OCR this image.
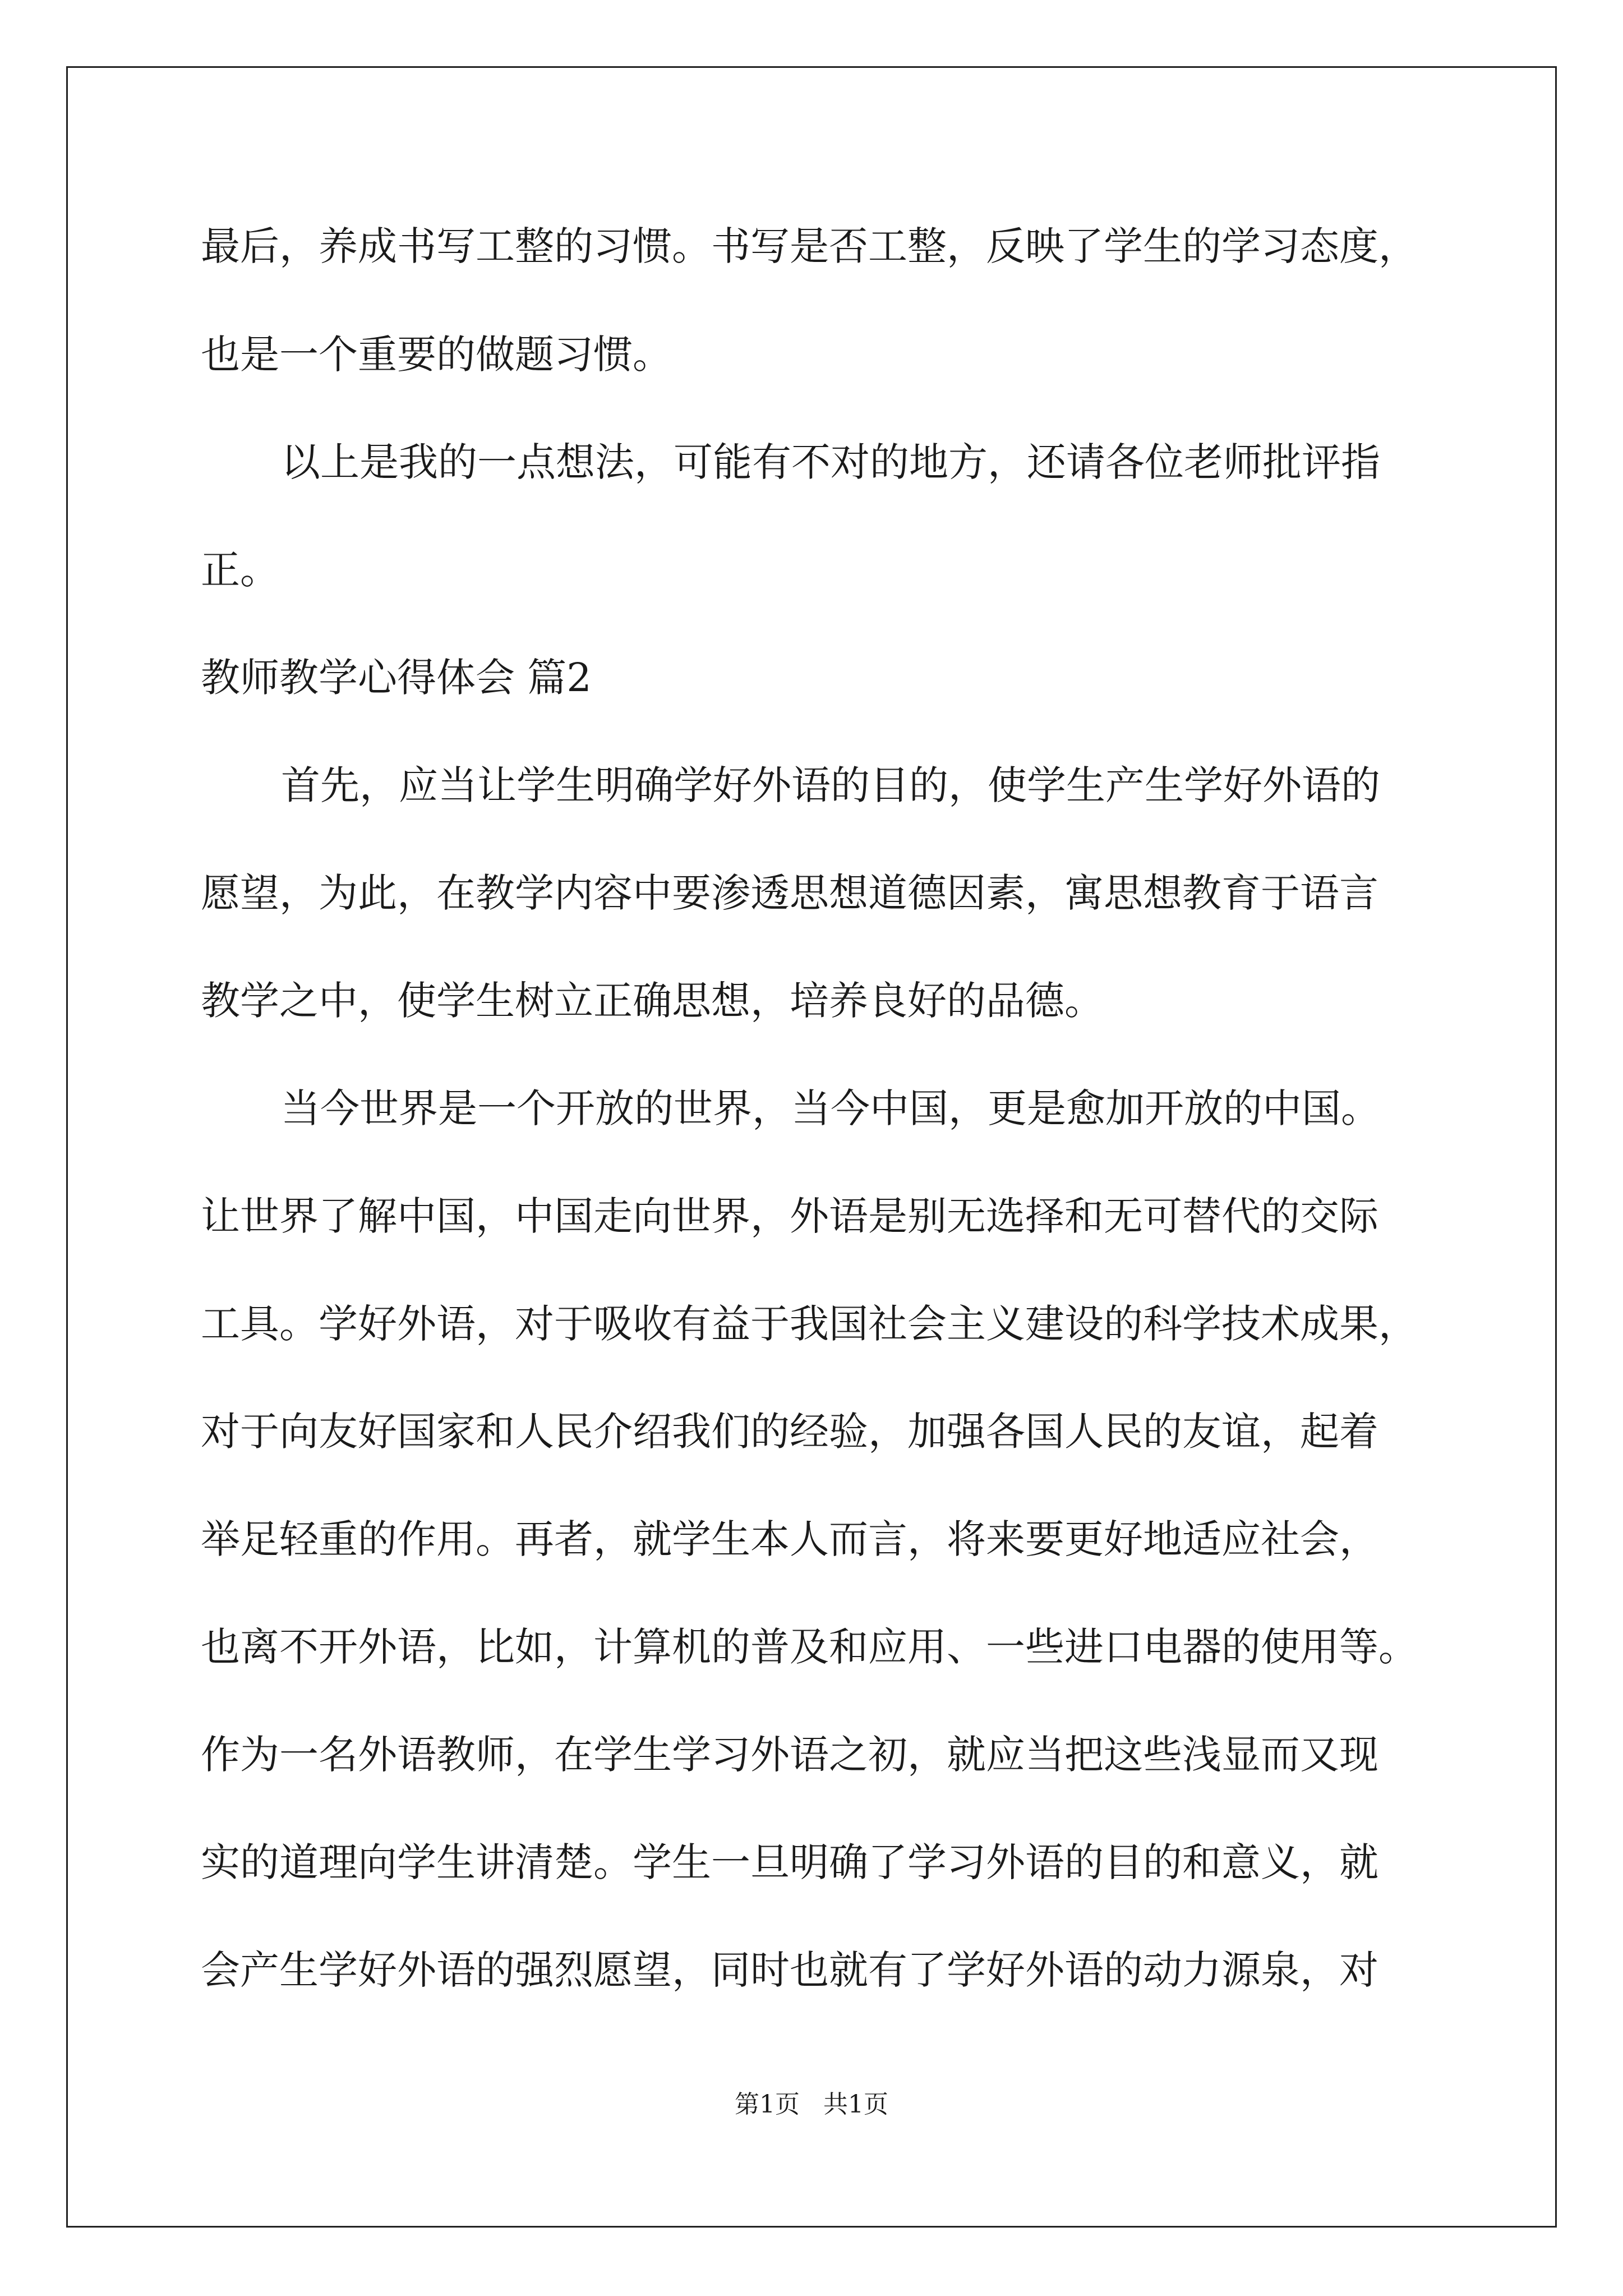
最后，养成书写工整的习惯。书写是否工整，反映了学生的学习态度，

也是一个重要的做题习惯。

以上是我的一点想法，可能有不对的地方，还请各位老师批评指

正。

教师教学心得体会 篇2

首先，应当让学生明确学好外语的目的，使学生产生学好外语的

愿望，为此，在教学内容中要渗透思想道德因素，寓思想教育于语言

教学之中，使学生树立正确思想，培养良好的品德。

当今世界是一个开放的世界，当今中国，更是愈加开放的中国。

让世界了解中国，中国走向世界，外语是别无选择和无可替代的交际

工具。学好外语，对于吸收有益于我国社会主义建设的科学技术成果，

对于向友好国家和人民介绍我们的经验，加强各国人民的友谊，起着

举足轻重的作用。再者，就学生本人而言，将来要更好地适应社会，

也离不开外语，比如，计算机的普及和应用、一些进口电器的使用等。

作为一名外语教师，在学生学习外语之初，就应当把这些浅显而又现

实的道理向学生讲清楚。学生一旦明确了学习外语的目的和意义，就

会产生学好外语的强烈愿望，同时也就有了学好外语的动力源泉，对

第1页   共1页
